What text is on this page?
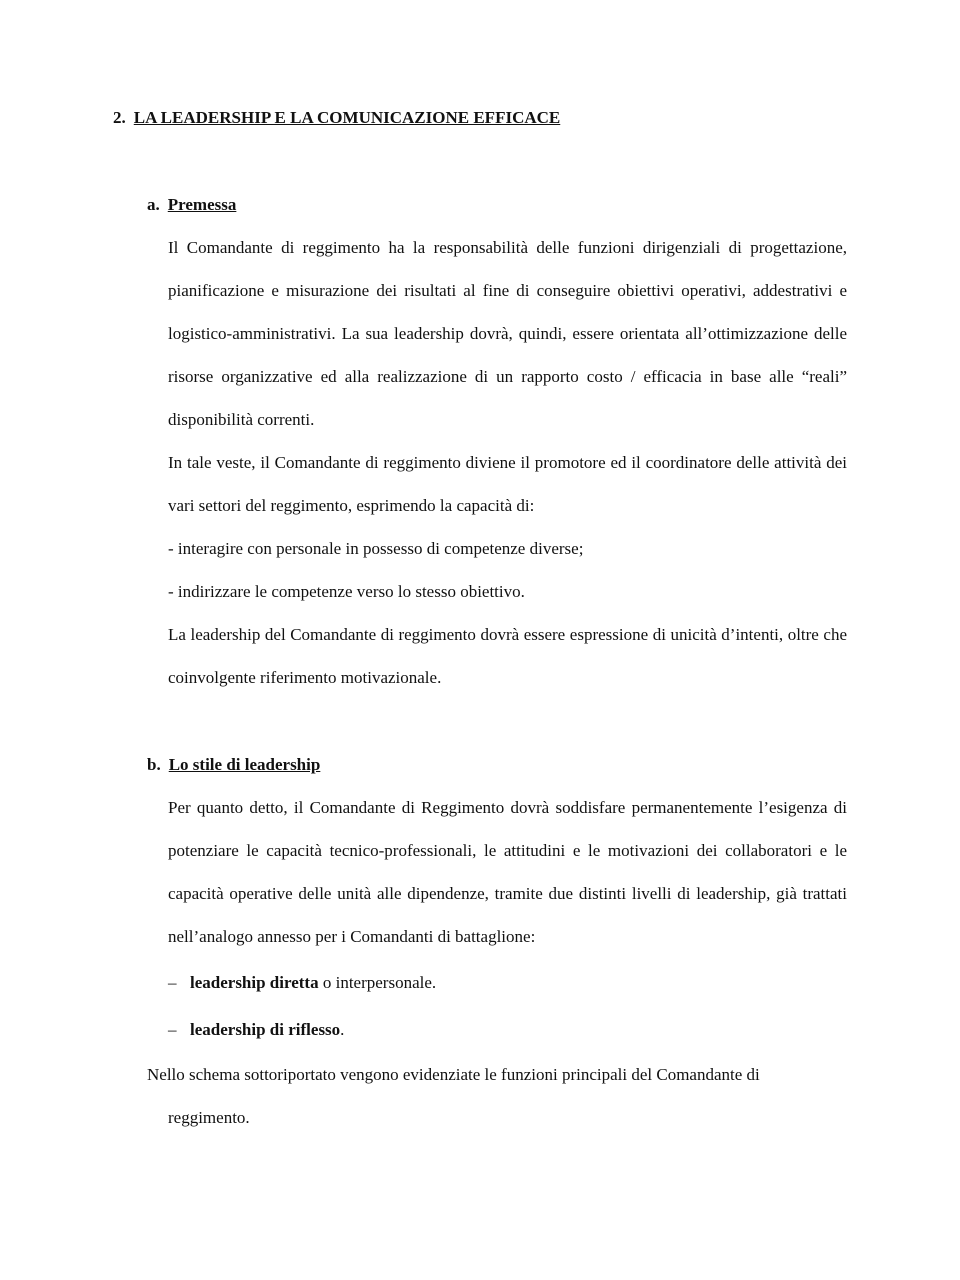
2. LA LEADERSHIP E LA COMUNICAZIONE EFFICACE
a. Premessa
Il Comandante di reggimento ha la responsabilità delle funzioni dirigenziali di progettazione, pianificazione e misurazione dei risultati al fine di conseguire obiettivi operativi, addestrativi e logistico-amministrativi. La sua leadership dovrà, quindi, essere orientata all’ottimizzazione delle risorse organizzative ed alla realizzazione di un rapporto costo / efficacia in base alle “reali” disponibilità correnti.
In tale veste, il Comandante di reggimento diviene il promotore ed il coordinatore delle attività dei vari settori del reggimento, esprimendo la capacità di:
- interagire con personale in possesso di competenze diverse;
- indirizzare le competenze verso lo stesso obiettivo.
La leadership del Comandante di reggimento dovrà essere espressione di unicità d’intenti, oltre che coinvolgente riferimento motivazionale.
b. Lo stile di leadership
Per quanto detto, il Comandante di Reggimento dovrà soddisfare permanentemente l’esigenza di potenziare le capacità tecnico-professionali, le attitudini e le motivazioni dei collaboratori e le capacità operative delle unità alle dipendenze, tramite due distinti livelli di leadership, già trattati nell’analogo annesso per i Comandanti di battaglione:
– leadership diretta o interpersonale.
– leadership di riflesso.
Nello schema sottoriportato vengono evidenziate le funzioni principali del Comandante di
reggimento.
